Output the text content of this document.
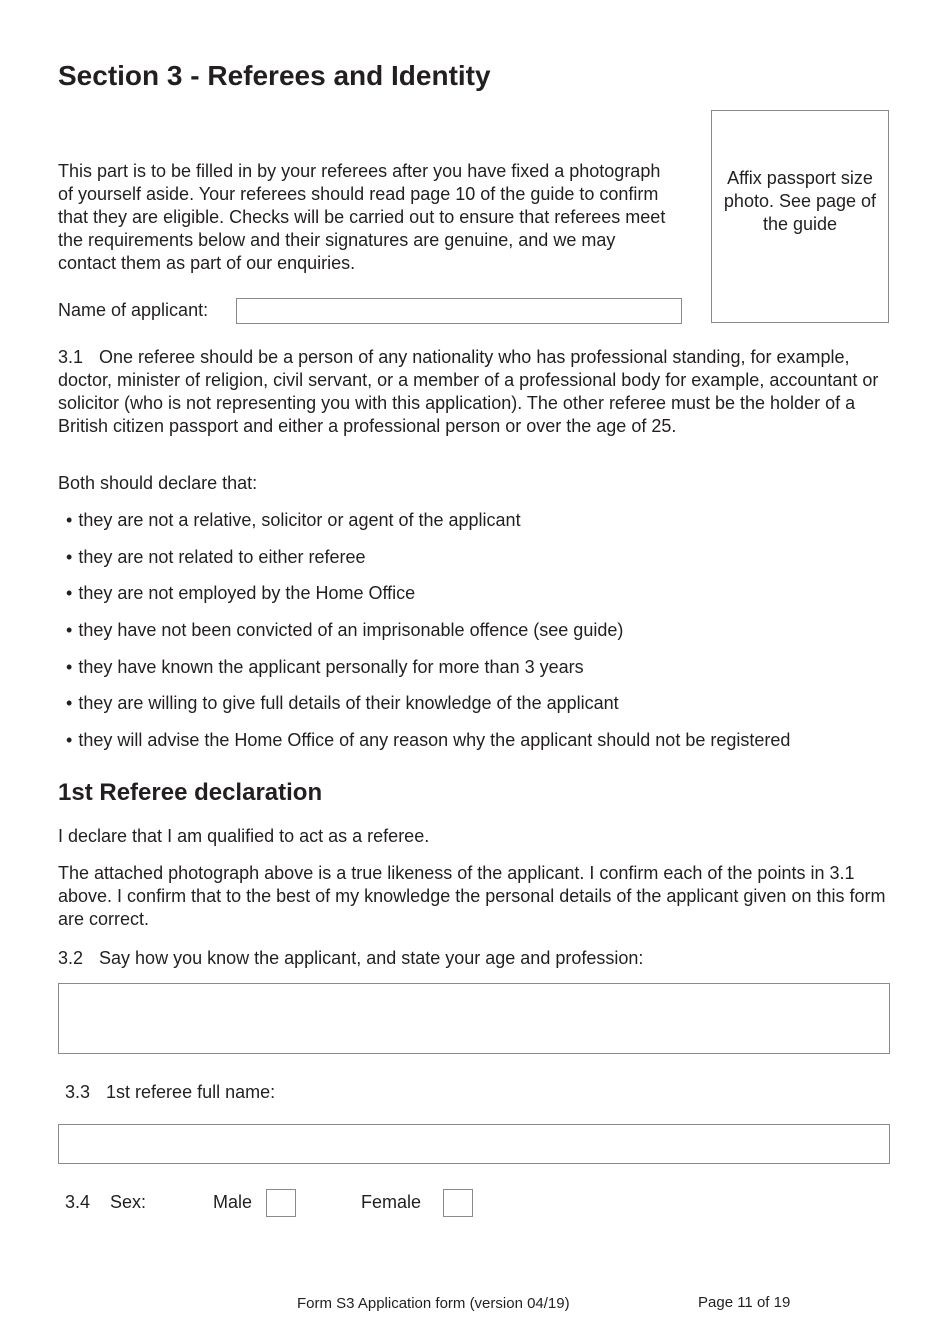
Section 3 - Referees and Identity
Affix passport size photo. See page of the guide

This part is to be filled in by your referees after you have fixed a photograph of yourself aside. Your referees should read page 10 of the guide to confirm that they are eligible. Checks will be carried out to ensure that referees meet the requirements below and their signatures are genuine, and we may contact them as part of our enquiries.

Name of applicant:

3.1 One referee should be a person of any nationality who has professional standing, for example, doctor, minister of religion, civil servant, or a member of a professional body for example, accountant or solicitor (who is not representing you with this application). The other referee must be the holder of a British citizen passport and either a professional person or over the age of 25.

Both should declare that:
• they are not a relative, solicitor or agent of the applicant
• they are not related to either referee
• they are not employed by the Home Office
• they have not been convicted of an imprisonable offence (see guide)
• they have known the applicant personally for more than 3 years
• they are willing to give full details of their knowledge of the applicant
• they will advise the Home Office of any reason why the applicant should not be registered
1st Referee declaration
I declare that I am qualified to act as a referee.

The attached photograph above is a true likeness of the applicant. I confirm each of the points in 3.1 above. I confirm that to the best of my knowledge the personal details of the applicant given on this form are correct.

3.2 Say how you know the applicant, and state your age and profession:
3.3 1st referee full name:
3.4 Sex:	Male	Female
Form S3 Application form (version 04/19)	Page 11 of 19
